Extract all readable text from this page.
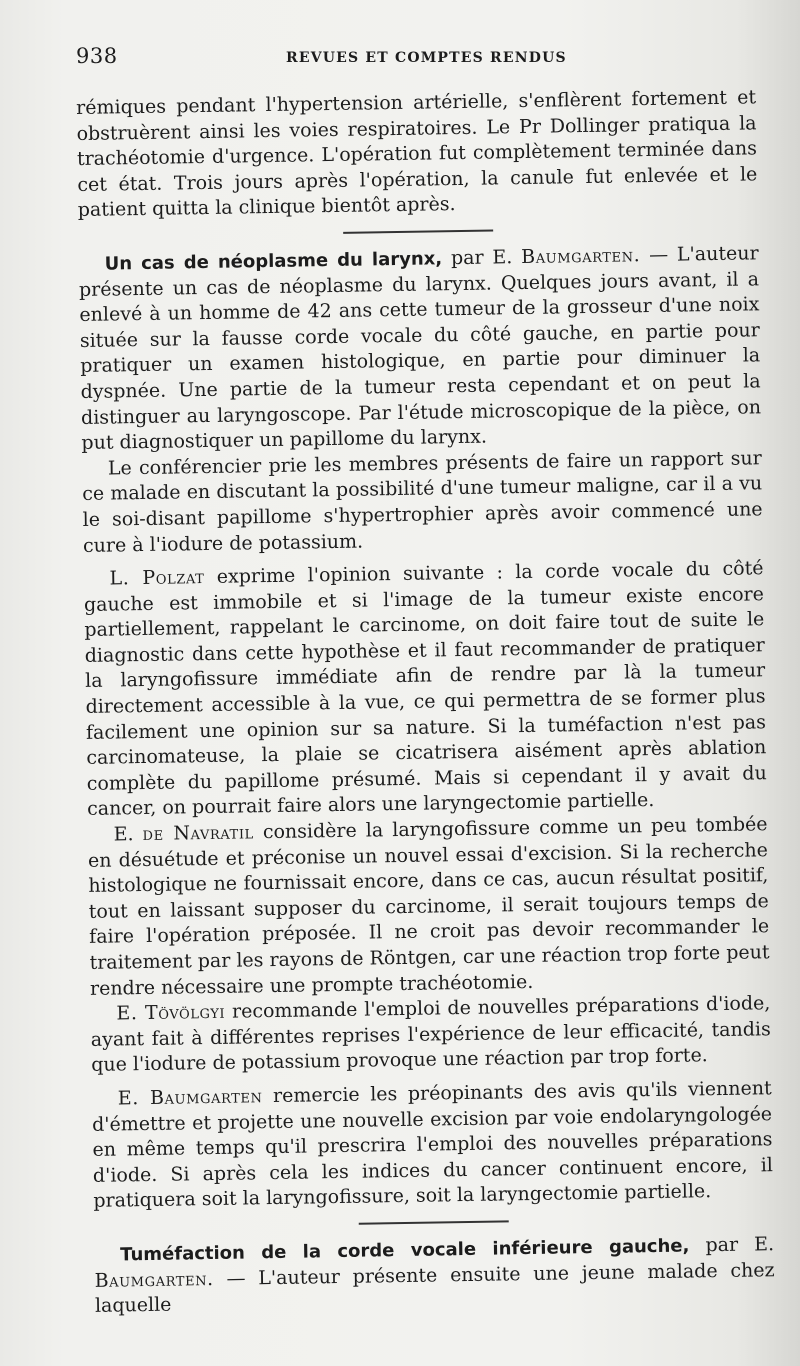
938	REVUES ET COMPTES RENDUS

rémiques pendant l'hypertension artérielle, s'enflèrent fortement et obstruèrent ainsi les voies respiratoires. Le Pr Dollinger pratiqua la trachéotomie d'urgence. L'opération fut complètement terminée dans cet état. Trois jours après l'opération, la canule fut enlevée et le patient quitta la clinique bientôt après.

Un cas de néoplasme du larynx, par E. Baumgarten. — L'auteur présente un cas de néoplasme du larynx. Quelques jours avant, il a enlevé à un homme de 42 ans cette tumeur de la grosseur d'une noix située sur la fausse corde vocale du côté gauche, en partie pour pratiquer un examen histologique, en partie pour diminuer la dyspnée. Une partie de la tumeur resta cependant et on peut la distinguer au laryngoscope. Par l'étude microscopique de la pièce, on put diagnostiquer un papillome du larynx.

Le conférencier prie les membres présents de faire un rapport sur ce malade en discutant la possibilité d'une tumeur maligne, car il a vu le soi-disant papillome s'hypertrophier après avoir commencé une cure à l'iodure de potassium.

L. Polzat exprime l'opinion suivante : la corde vocale du côté gauche est immobile et si l'image de la tumeur existe encore partiellement, rappelant le carcinome, on doit faire tout de suite le diagnostic dans cette hypothèse et il faut recommander de pratiquer la laryngofissure immédiate afin de rendre par là la tumeur directement accessible à la vue, ce qui permettra de se former plus facilement une opinion sur sa nature. Si la tuméfaction n'est pas carcinomateuse, la plaie se cicatrisera aisément après ablation complète du papillome présumé. Mais si cependant il y avait du cancer, on pourrait faire alors une laryngectomie partielle.

E. de Navratil considère la laryngofissure comme un peu tombée en désuétude et préconise un nouvel essai d'excision. Si la recherche histologique ne fournissait encore, dans ce cas, aucun résultat positif, tout en laissant supposer du carcinome, il serait toujours temps de faire l'opération préposée. Il ne croit pas devoir recommander le traitement par les rayons de Röntgen, car une réaction trop forte peut rendre nécessaire une prompte trachéotomie.

E. Tövölgyi recommande l'emploi de nouvelles préparations d'iode, ayant fait à différentes reprises l'expérience de leur efficacité, tandis que l'iodure de potassium provoque une réaction par trop forte.

E. Baumgarten remercie les préopinants des avis qu'ils viennent d'émettre et projette une nouvelle excision par voie endolaryngologée en même temps qu'il prescrira l'emploi des nouvelles préparations d'iode. Si après cela les indices du cancer continuent encore, il pratiquera soit la laryngofissure, soit la laryngectomie partielle.

Tuméfaction de la corde vocale inférieure gauche, par E. Baumgarten. — L'auteur présente ensuite une jeune malade chez laquelle
